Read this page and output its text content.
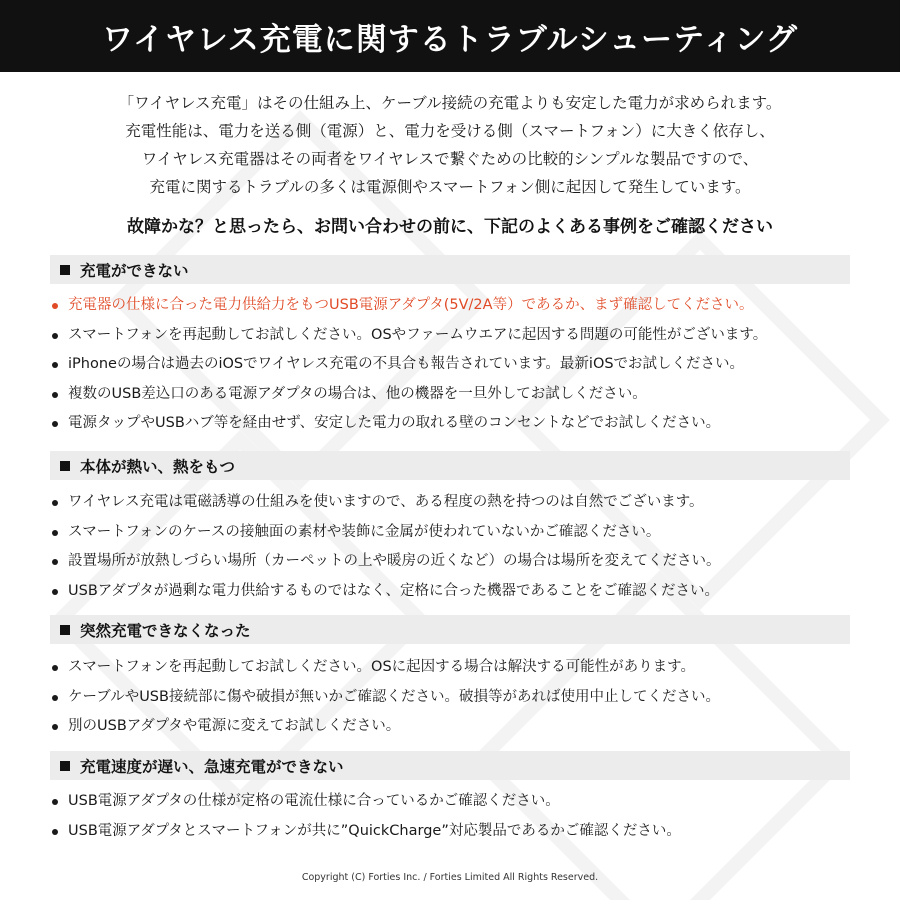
ワイヤレス充電に関するトラブルシューティング
「ワイヤレス充電」はその仕組み上、ケーブル接続の充電よりも安定した電力が求められます。
充電性能は、電力を送る側（電源）と、電力を受ける側（スマートフォン）に大きく依存し、
ワイヤレス充電器はその両者をワイヤレスで繋ぐための比較的シンプルな製品ですので、
充電に関するトラブルの多くは電源側やスマートフォン側に起因して発生しています。
故障かな？と思ったら、お問い合わせの前に、下記のよくある事例をご確認ください
充電ができない
充電器の仕様に合った電力供給力をもつUSB電源アダプタ(5V/2A等）であるか、まず確認してください。
スマートフォンを再起動してお試しください。OSやファームウエアに起因する問題の可能性がございます。
iPhoneの場合は過去のiOSでワイヤレス充電の不具合も報告されています。最新iOSでお試しください。
複数のUSB差込口のある電源アダプタの場合は、他の機器を一旦外してお試しください。
電源タップやUSBハブ等を経由せず、安定した電力の取れる壁のコンセントなどでお試しください。
本体が熱い、熱をもつ
ワイヤレス充電は電磁誘導の仕組みを使いますので、ある程度の熱を持つのは自然でございます。
スマートフォンのケースの接触面の素材や装飾に金属が使われていないかご確認ください。
設置場所が放熱しづらい場所（カーペットの上や暖房の近くなど）の場合は場所を変えてください。
USBアダプタが過剰な電力供給するものではなく、定格に合った機器であることをご確認ください。
突然充電できなくなった
スマートフォンを再起動してお試しください。OSに起因する場合は解決する可能性があります。
ケーブルやUSB接続部に傷や破損が無いかご確認ください。破損等があれば使用中止してください。
別のUSBアダプタや電源に変えてお試しください。
充電速度が遅い、急速充電ができない
USB電源アダプタの仕様が定格の電流仕様に合っているかご確認ください。
USB電源アダプタとスマートフォンが共に”QuickCharge”対応製品であるかご確認ください。
Copyright (C) Forties Inc. / Forties Limited All Rights Reserved.
